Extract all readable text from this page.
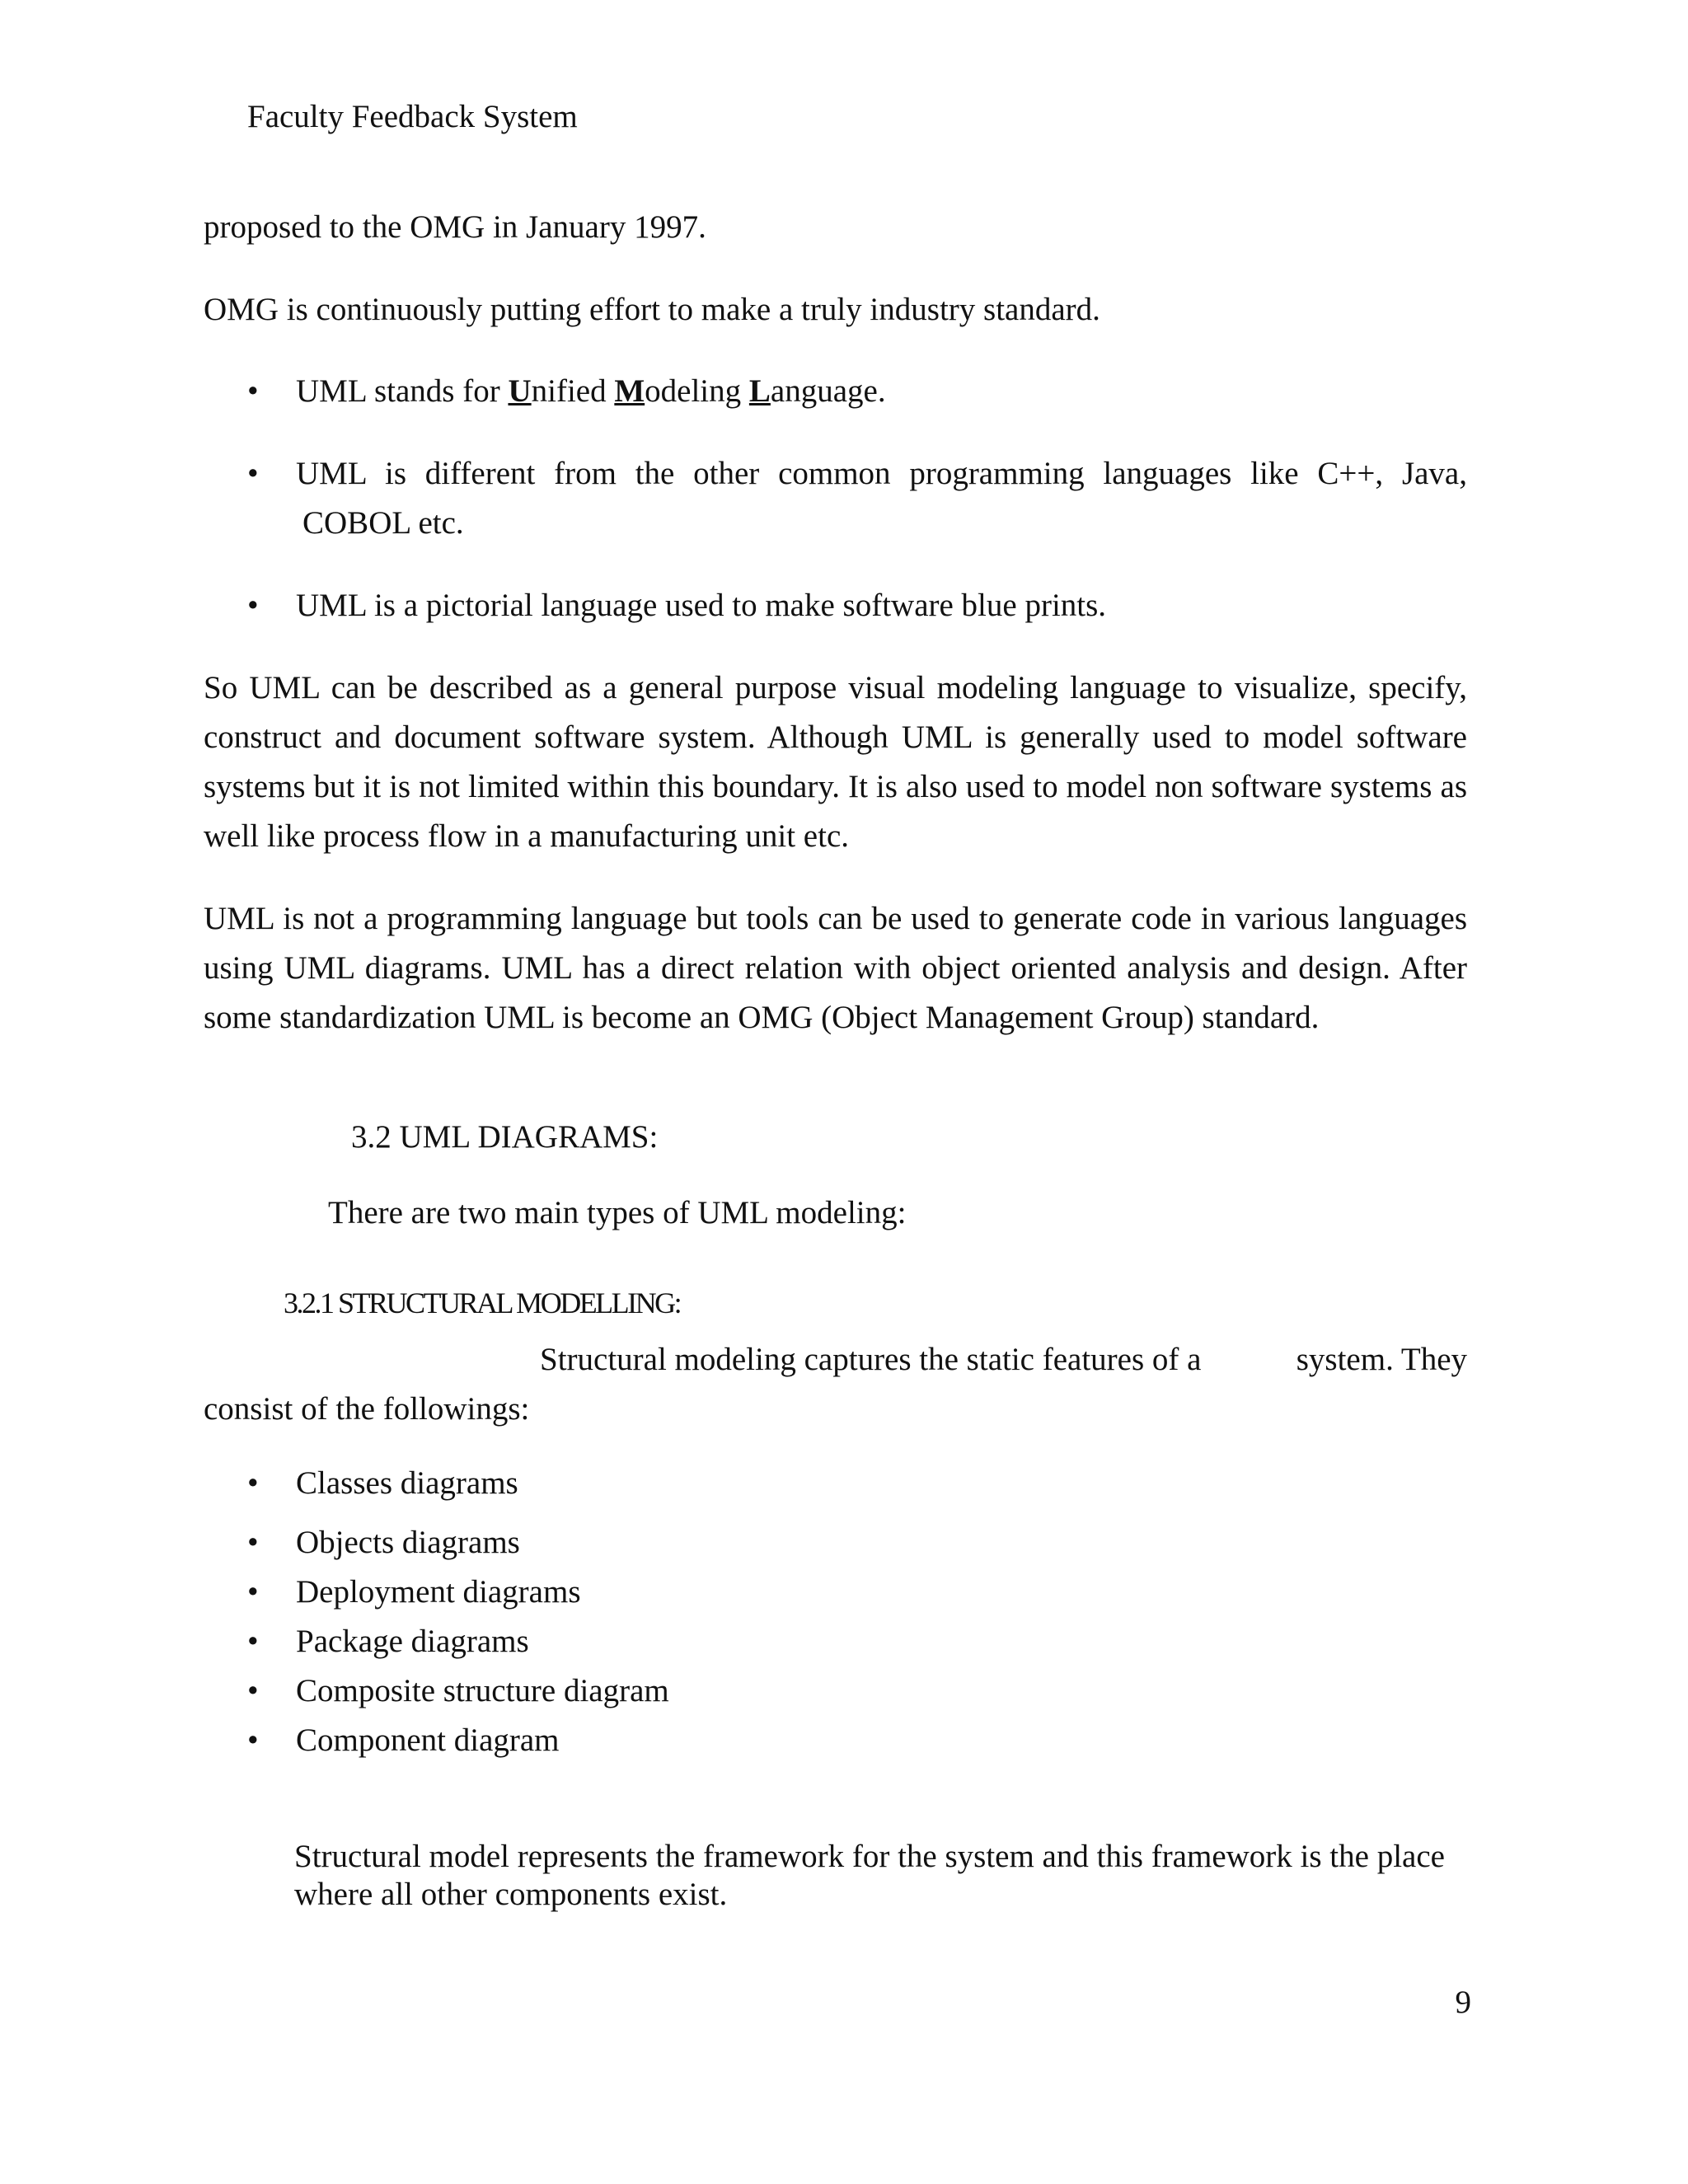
Faculty Feedback System
proposed to the OMG in January 1997.
OMG is continuously putting effort to make a truly industry standard.
• UML stands for Unified Modeling Language.
• UML is different from the other common programming languages like C++, Java,
COBOL etc.
• UML is a pictorial language used to make software blue prints.
So UML can be described as a general purpose visual modeling language to visualize, specify, construct and document software system. Although UML is generally used to model software systems but it is not limited within this boundary. It is also used to model non software systems as well like process flow in a manufacturing unit etc.
UML is not a programming language but tools can be used to generate code in various languages using UML diagrams. UML has a direct relation with object oriented analysis and design. After some standardization UML is become an OMG (Object Management Group) standard.
3.2 UML DIAGRAMS:
There are two main types of UML modeling:
3.2.1 STRUCTURAL MODELLING:
Structural modeling captures the static features of a	system. They
consist of the followings:
• Classes diagrams
• Objects diagrams
• Deployment diagrams
• Package diagrams
• Composite structure diagram
• Component diagram
Structural model represents the framework for the system and this framework is the place where all other components exist.
9
